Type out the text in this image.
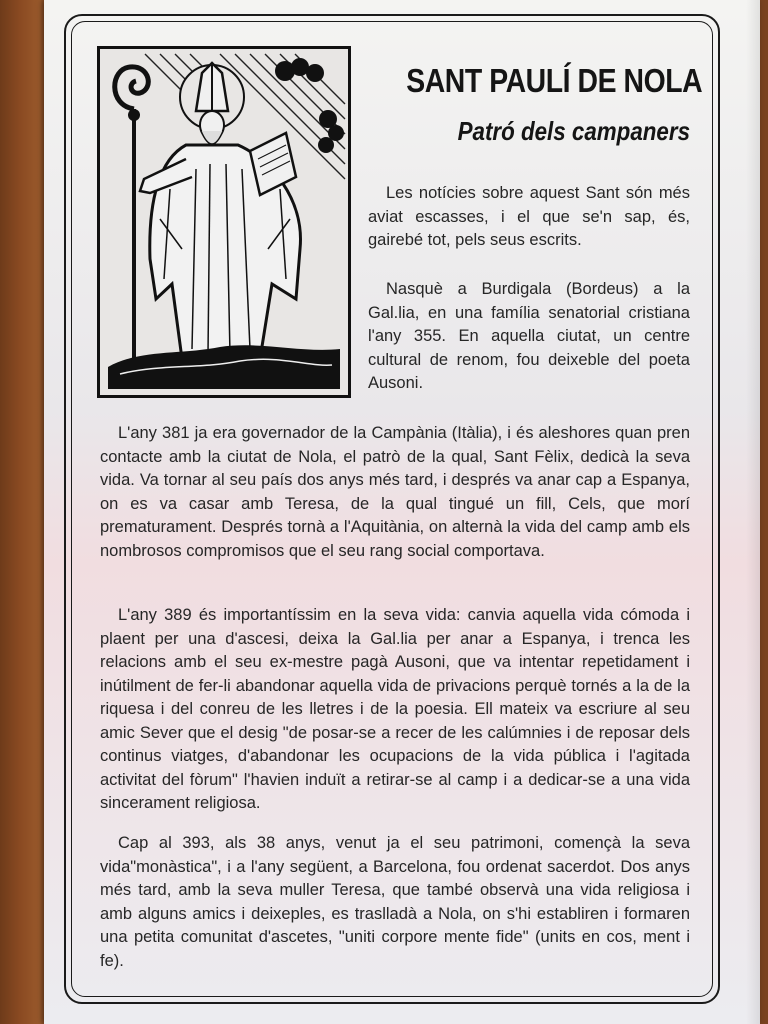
SANT PAULÍ DE NOLA
Patró dels campaners

Les notícies sobre aquest Sant són més aviat escasses, i el que se'n sap, és, gairebé tot, pels seus escrits.

Nasquè a Burdigala (Bordeus) a la Gal.lia, en una família senatorial cristiana l'any 355. En aquella ciutat, un centre cultural de renom, fou deixeble del poeta Ausoni.

L'any 381 ja era governador de la Campània (Itàlia), i és aleshores quan pren contacte amb la ciutat de Nola, el patrò de la qual, Sant Fèlix, dedicà la seva vida. Va tornar al seu país dos anys més tard, i després va anar cap a Espanya, on es va casar amb Teresa, de la qual tingué un fill, Cels, que morí prematurament. Després tornà a l'Aquitània, on alternà la vida del camp amb els nombrosos compromisos que el seu rang social comportava.

L'any 389 és importantíssim en la seva vida: canvia aquella vida cómoda i plaent per una d'ascesi, deixa la Gal.lia per anar a Espanya, i trenca les relacions amb el seu ex-mestre pagà Ausoni, que va intentar repetidament i inútilment de fer-li abandonar aquella vida de privacions perquè tornés a la de la riquesa i del conreu de les lletres i de la poesia. Ell mateix va escriure al seu amic Sever que el desig "de posar-se a recer de les calúmnies i de reposar dels continus viatges, d'abandonar les ocupacions de la vida pública i l'agitada activitat del fòrum" l'havien induït a retirar-se al camp i a dedicar-se a una vida sincerament religiosa.

Cap al 393, als 38 anys, venut ja el seu patrimoni, començà la seva vida"monàstica", i a l'any següent, a Barcelona, fou ordenat sacerdot. Dos anys més tard, amb la seva muller Teresa, que també observà una vida religiosa i amb alguns amics i deixeples, es traslladà a Nola, on s'hi establiren i formaren una petita comunitat d'ascetes, "uniti corpore mente fide" (units en cos, ment i fe).
